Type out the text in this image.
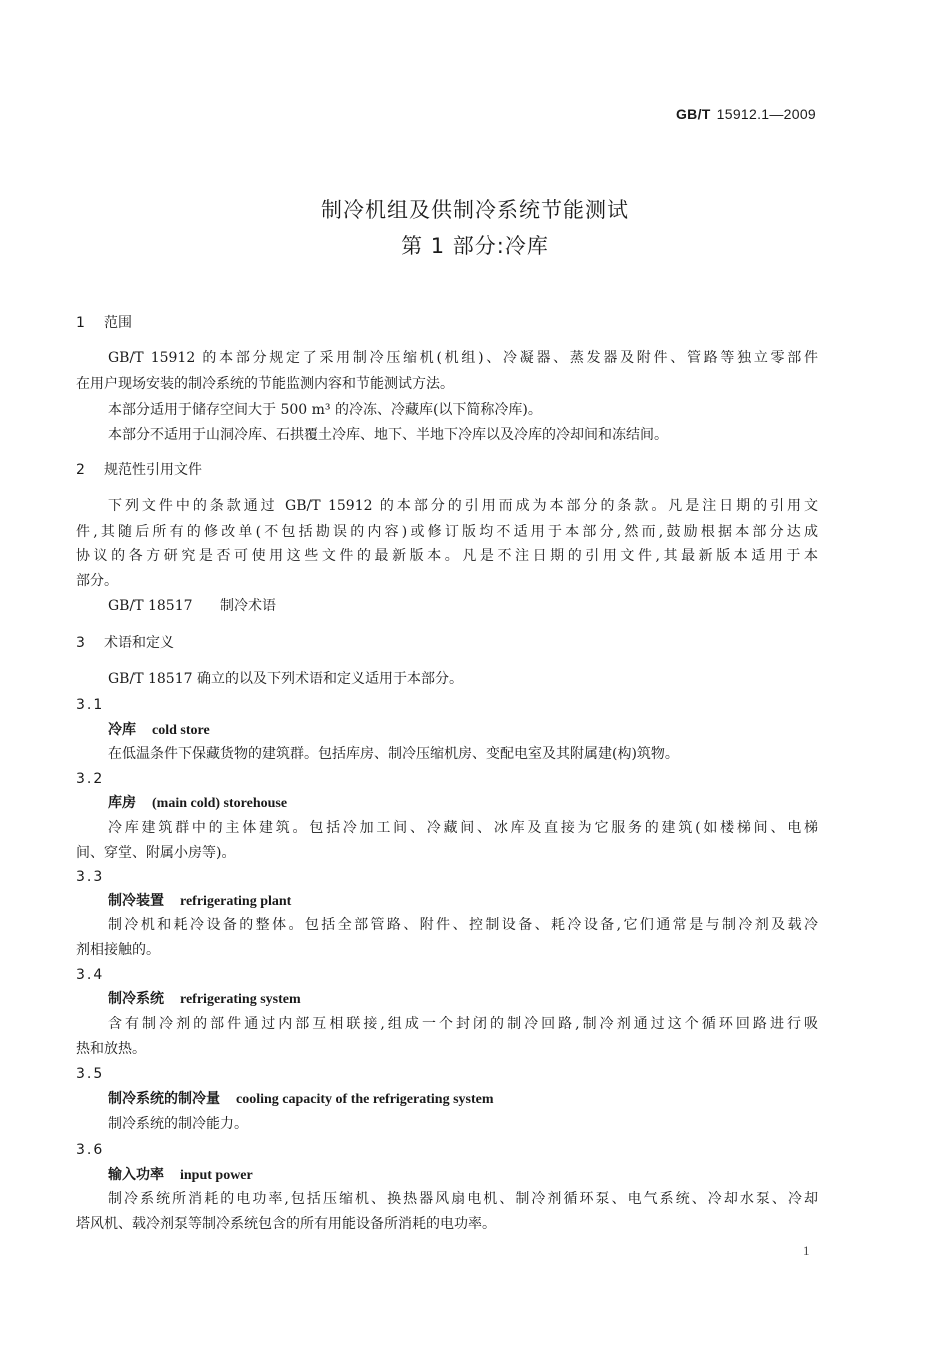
GB/T 15912.1—2009
制冷机组及供制冷系统节能测试
第 1 部分:冷库
1 范围
GB/T 15912 的本部分规定了采用制冷压缩机(机组)、冷凝器、蒸发器及附件、管路等独立零部件
在用户现场安装的制冷系统的节能监测内容和节能测试方法。
本部分适用于储存空间大于 500 m³ 的冷冻、冷藏库(以下简称冷库)。
本部分不适用于山洞冷库、石拱覆土冷库、地下、半地下冷库以及冷库的冷却间和冻结间。
2 规范性引用文件
下列文件中的条款通过 GB/T 15912 的本部分的引用而成为本部分的条款。凡是注日期的引用文
件,其随后所有的修改单(不包括勘误的内容)或修订版均不适用于本部分,然而,鼓励根据本部分达成
协议的各方研究是否可使用这些文件的最新版本。凡是不注日期的引用文件,其最新版本适用于本
部分。
GB/T 18517 制冷术语
3 术语和定义
GB/T 18517 确立的以及下列术语和定义适用于本部分。
3.1
冷库 cold store
在低温条件下保藏货物的建筑群。包括库房、制冷压缩机房、变配电室及其附属建(构)筑物。
3.2
库房 (main cold) storehouse
冷库建筑群中的主体建筑。包括冷加工间、冷藏间、冰库及直接为它服务的建筑(如楼梯间、电梯
间、穿堂、附属小房等)。
3.3
制冷装置 refrigerating plant
制冷机和耗冷设备的整体。包括全部管路、附件、控制设备、耗冷设备,它们通常是与制冷剂及载冷
剂相接触的。
3.4
制冷系统 refrigerating system
含有制冷剂的部件通过内部互相联接,组成一个封闭的制冷回路,制冷剂通过这个循环回路进行吸
热和放热。
3.5
制冷系统的制冷量 cooling capacity of the refrigerating system
制冷系统的制冷能力。
3.6
输入功率 input power
制冷系统所消耗的电功率,包括压缩机、换热器风扇电机、制冷剂循环泵、电气系统、冷却水泵、冷却
塔风机、载冷剂泵等制冷系统包含的所有用能设备所消耗的电功率。
1
